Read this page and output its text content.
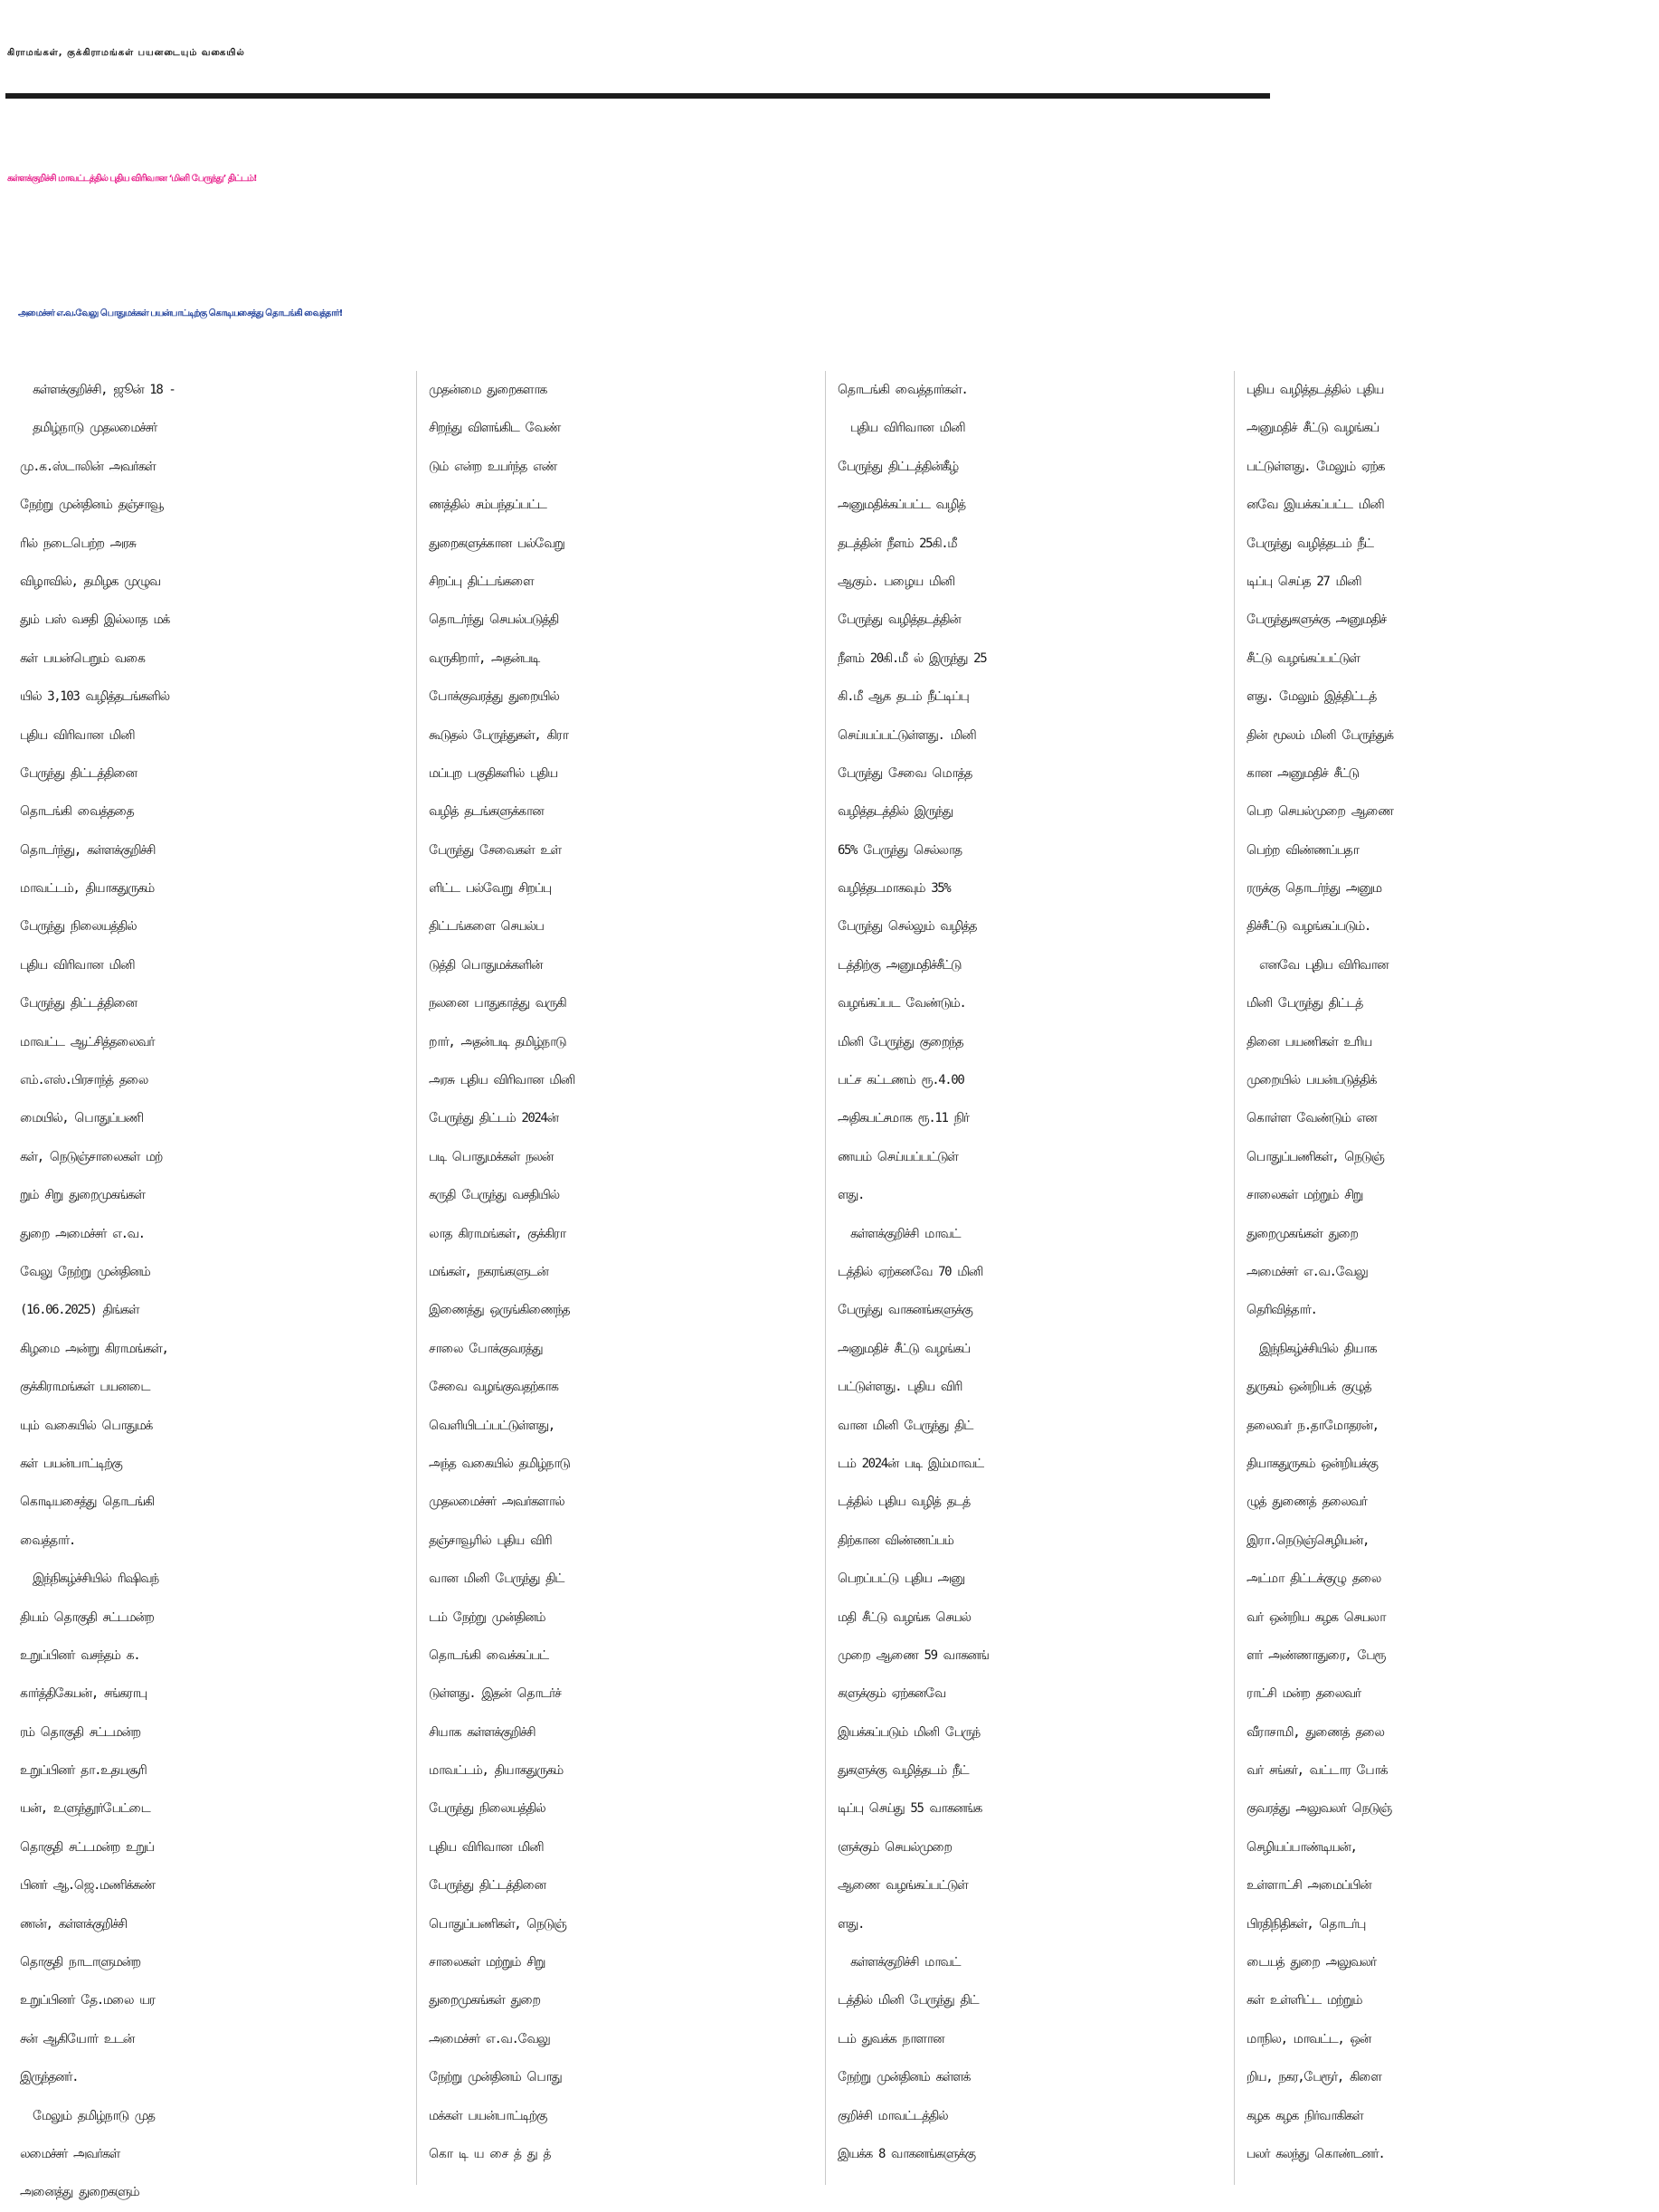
கிராமங்கள், குக்கிராமங்கள் பயனடையும் வகையில்
கள்ளக்குறிச்சி மாவட்டத்தில் புதிய விரிவான ‘மினி பேருந்து’ திட்டம்!
அமைச்சர் எ.வ.வேலு பொதுமக்கள் பயன்பாட்டிற்கு கொடியசைத்து தொடங்கி வைத்தார்!
கள்ளக்குறிச்சி, ஜூன் 18 -
தமிழ்நாடு முதலமைச்சர்
மு.க.ஸ்டாலின் அவர்கள்
நேற்று முன்தினம் தஞ்சாவூ
ரில் நடைபெற்ற அரசு
விழாவில், தமிழக முழுவ
தும் பஸ் வசதி இல்லாத மக்
கள் பயன்பெறும் வகை
யில் 3,103 வழித்தடங்களில்
புதிய விரிவான மினி
பேருந்து திட்டத்தினை
தொடங்கி வைத்ததை
தொடர்ந்து, கள்ளக்குறிச்சி
மாவட்டம், தியாகதுருகம்
பேருந்து நிலையத்தில்
புதிய விரிவான மினி
பேருந்து திட்டத்தினை
மாவட்ட ஆட்சித்தலைவர்
எம்.எஸ்.பிரசாந்த் தலை
மையில், பொதுப்பணி
கள், நெடுஞ்சாலைகள் மற்
றும் சிறு துறைமுகங்கள்
துறை அமைச்சர் எ.வ.
வேலு நேற்று முன்தினம்
(16.06.2025) திங்கள்
கிழமை அன்று கிராமங்கள்,
குக்கிராமங்கள் பயனடை
யும் வகையில் பொதுமக்
கள் பயன்பாட்டிற்கு
கொடியசைத்து தொடங்கி
வைத்தார்.
இந்நிகழ்ச்சியில் ரிஷிவந்
தியம் தொகுதி சட்டமன்ற
உறுப்பினர் வசந்தம் க.
கார்த்திகேயன், சங்கராபு
ரம் தொகுதி சட்டமன்ற
உறுப்பினர் தா.உதயசூரி
யன், உளுந்தூர்பேட்டை
தொகுதி சட்டமன்ற உறுப்
பினர் ஆ.ஜெ.மணிக்கண்
ணன், கள்ளக்குறிச்சி
தொகுதி நாடாளுமன்ற
உறுப்பினர் தே.மலை யர
சன் ஆகியோர் உடன்
இருந்தனர்.
மேலும் தமிழ்நாடு முத
லமைச்சர் அவர்கள்
அனைத்து துறைகளும்
முதன்மை துறைகளாக
சிறந்து விளங்கிட வேண்
டும் என்ற உயர்ந்த எண்
ணத்தில் சம்பந்தப்பட்ட
துறைகளுக்கான பல்வேறு
சிறப்பு திட்டங்களை
தொடர்ந்து செயல்படுத்தி
வருகிறார், அதன்படி
போக்குவரத்து துறையில்
கூடுதல் பேருந்துகள், கிரா
மப்புற பகுதிகளில் புதிய
வழித் தடங்களுக்கான
பேருந்து சேவைகள் உள்
ளிட்ட பல்வேறு சிறப்பு
திட்டங்களை செயல்ப
டுத்தி பொதுமக்களின்
நலனை பாதுகாத்து வருகி
றார், அதன்படி தமிழ்நாடு
அரசு புதிய விரிவான மினி
பேருந்து திட்டம் 2024ன்
படி பொதுமக்கள் நலன்
கருதி பேருந்து வசதியில்
லாத கிராமங்கள், குக்கிரா
மங்கள், நகரங்களுடன்
இணைத்து ஒருங்கிணைந்த
சாலை போக்குவரத்து
சேவை வழங்குவதற்காக
வெளியிடப்பட்டுள்ளது,
அந்த வகையில் தமிழ்நாடு
முதலமைச்சர் அவர்களால்
தஞ்சாவூரில் புதிய விரி
வான மினி பேருந்து திட்
டம் நேற்று முன்தினம்
தொடங்கி வைக்கப்பட்
டுள்ளது. இதன் தொடர்ச்
சியாக கள்ளக்குறிச்சி
மாவட்டம், தியாகதுருகம்
பேருந்து நிலையத்தில்
புதிய விரிவான மினி
பேருந்து திட்டத்தினை
பொதுப்பணிகள், நெடுஞ்
சாலைகள் மற்றும் சிறு
துறைமுகங்கள் துறை
அமைச்சர் எ.வ.வேலு
நேற்று முன்தினம் பொது
மக்கள் பயன்பாட்டிற்கு
கொ டி ய சை த் து த்
தொடங்கி வைத்தார்கள்.
புதிய விரிவான மினி
பேருந்து திட்டத்தின்கீழ்
அனுமதிக்கப்பட்ட வழித்
தடத்தின் நீளம் 25கி.மீ
ஆகும். பழைய மினி
பேருந்து வழித்தடத்தின்
நீளம் 20கி.மீ ல் இருந்து 25
கி.மீ ஆக தடம் நீட்டிப்பு
செய்யப்பட்டுள்ளது. மினி
பேருந்து சேவை மொத்த
வழித்தடத்தில் இருந்து
65% பேருந்து செல்லாத
வழித்தடமாகவும் 35%
பேருந்து செல்லும் வழித்த
டத்திற்கு அனுமதிச்சீட்டு
வழங்கப்பட வேண்டும்.
மினி பேருந்து குறைந்த
பட்ச கட்டணம் ரூ.4.00
அதிகபட்சமாக ரூ.11 நிர்
ணயம் செய்யப்பட்டுள்
ளது.
கள்ளக்குறிச்சி மாவட்
டத்தில் ஏற்கனவே 70 மினி
பேருந்து வாகனங்களுக்கு
அனுமதிச் சீட்டு வழங்கப்
பட்டுள்ளது. புதிய விரி
வான மினி பேருந்து திட்
டம் 2024ன் படி இம்மாவட்
டத்தில் புதிய வழித் தடத்
திற்கான விண்ணப்பம்
பெறப்பட்டு புதிய அனு
மதி சீட்டு வழங்க செயல்
முறை ஆணை 59 வாகனங்
களுக்கும் ஏற்கனவே
இயக்கப்படும் மினி பேருந்
துகளுக்கு வழித்தடம் நீட்
டிப்பு செய்து 55 வாகனங்க
ளுக்கும் செயல்முறை
ஆணை வழங்கப்பட்டுள்
ளது.
கள்ளக்குறிச்சி மாவட்
டத்தில் மினி பேருந்து திட்
டம் துவக்க நாளான
நேற்று முன்தினம் கள்ளக்
குறிச்சி மாவட்டத்தில்
இயக்க 8 வாகனங்களுக்கு
புதிய வழித்தடத்தில் புதிய
அனுமதிச் சீட்டு வழங்கப்
பட்டுள்ளது. மேலும் ஏற்க
னவே இயக்கப்பட்ட மினி
பேருந்து வழித்தடம் நீட்
டிப்பு செய்த 27 மினி
பேருந்துகளுக்கு அனுமதிச்
சீட்டு வழங்கப்பட்டுள்
ளது. மேலும் இத்திட்டத்
தின் மூலம் மினி பேருந்துக்
கான அனுமதிச் சீட்டு
பெற செயல்முறை ஆணை
பெற்ற விண்ணப்பதா
ரருக்கு தொடர்ந்து அனும
திச்சீட்டு வழங்கப்படும்.
எனவே புதிய விரிவான
மினி பேருந்து திட்டத்
தினை பயணிகள் உரிய
முறையில் பயன்படுத்திக்
கொள்ள வேண்டும் என
பொதுப்பணிகள், நெடுஞ்
சாலைகள் மற்றும் சிறு
துறைமுகங்கள் துறை
அமைச்சர் எ.வ.வேலு
தெரிவித்தார்.
இந்நிகழ்ச்சியில் தியாக
துருகம் ஒன்றியக் குழுத்
தலைவர் ந.தாமோதரன்,
தியாகதுருகம் ஒன்றியக்கு
ழுத் துணைத் தலைவர்
இரா.நெடுஞ்செழியன்,
அட்மா திட்டக்குழு தலை
வர் ஒன்றிய கழக செயலா
ளர் அண்ணாதுரை, பேரூ
ராட்சி மன்ற தலைவர்
வீராசாமி, துணைத் தலை
வர் சங்கர், வட்டார போக்
குவரத்து அலுவலர் நெடுஞ்
செழியப்பாண்டியன்,
உள்ளாட்சி அமைப்பின்
பிரதிநிதிகள், தொடர்பு
டையத் துறை அலுவலர்
கள் உள்ளிட்ட மற்றும்
மாநில, மாவட்ட, ஒன்
றிய, நகர,பேரூர், கிளை
கழக கழக நிர்வாகிகள்
பலர் கலந்து கொண்டனர்.
